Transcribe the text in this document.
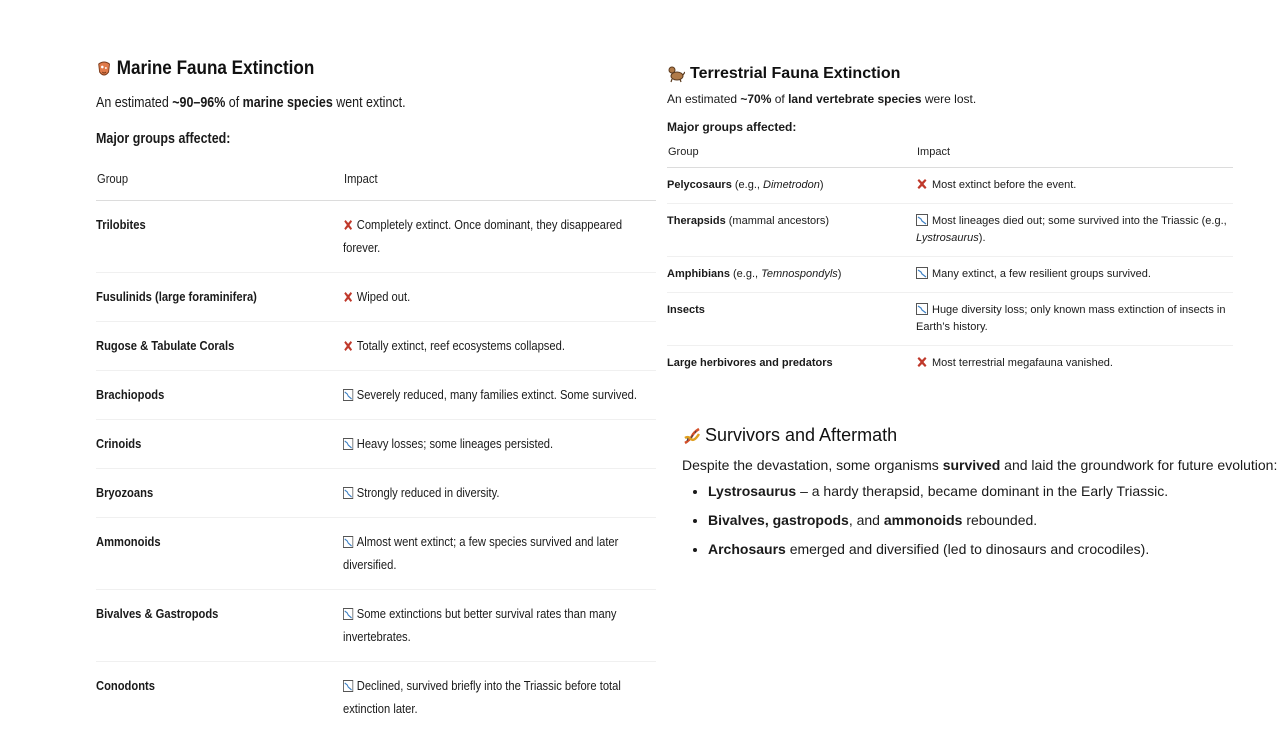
Marine Fauna Extinction
An estimated ~90–96% of marine species went extinct.
Major groups affected:
Group	Impact
Trilobites	Completely extinct. Once dominant, they disappeared forever.
Fusulinids (large foraminifera)	Wiped out.
Rugose & Tabulate Corals	Totally extinct, reef ecosystems collapsed.
Brachiopods	Severely reduced, many families extinct. Some survived.
Crinoids	Heavy losses; some lineages persisted.
Bryozoans	Strongly reduced in diversity.
Ammonoids	Almost went extinct; a few species survived and later diversified.
Bivalves & Gastropods	Some extinctions but better survival rates than many invertebrates.
Conodonts	Declined, survived briefly into the Triassic before total extinction later.
Terrestrial Fauna Extinction
An estimated ~70% of land vertebrate species were lost.
Major groups affected:
Group	Impact
Pelycosaurs (e.g., Dimetrodon)	Most extinct before the event.
Therapsids (mammal ancestors)	Most lineages died out; some survived into the Triassic (e.g., Lystrosaurus).
Amphibians (e.g., Temnospondyls)	Many extinct, a few resilient groups survived.
Insects	Huge diversity loss; only known mass extinction of insects in Earth’s history.
Large herbivores and predators	Most terrestrial megafauna vanished.
Survivors and Aftermath
Despite the devastation, some organisms survived and laid the groundwork for future evolution:
• Lystrosaurus – a hardy therapsid, became dominant in the Early Triassic.
• Bivalves, gastropods, and ammonoids rebounded.
• Archosaurs emerged and diversified (led to dinosaurs and crocodiles).
